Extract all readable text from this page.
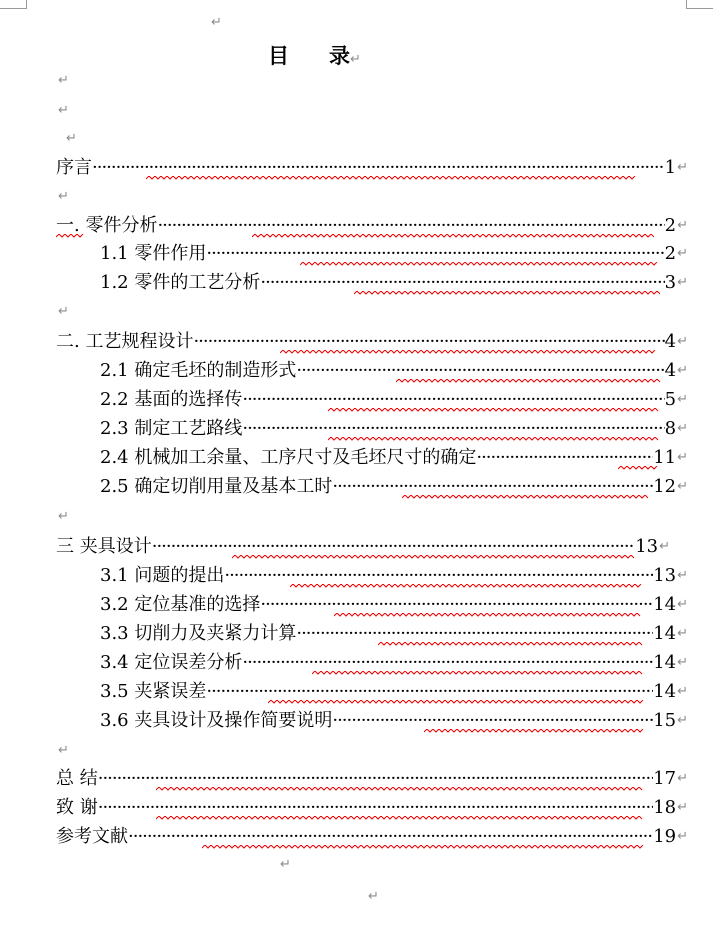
↵
目 录↵
↵
↵
↵
序言 ·····	1 ↵
↵
一. 零件分析 ·····	2 ↵
1.1 零件作用 ·····	2 ↵
1.2 零件的工艺分析 ·····	3 ↵
↵
二. 工艺规程设计 ·····	4 ↵
2.1 确定毛坯的制造形式 ·····	4 ↵
2.2 基面的选择传 ·····	5 ↵
2.3 制定工艺路线 ·····	8 ↵
2.4 机械加工余量、工序尺寸及毛坯尺寸的确定 ·····	11 ↵
2.5 确定切削用量及基本工时 ·····	12 ↵
↵
三 夹具设计 ·····	13 ↵
3.1 问题的提出 ·····	13 ↵
3.2 定位基准的选择 ·····	14 ↵
3.3 切削力及夹紧力计算 ·····	14 ↵
3.4 定位误差分析 ·····	14 ↵
3.5 夹紧误差 ·····	14 ↵
3.6 夹具设计及操作简要说明 ·····	15 ↵
↵
总 结 ·····	17 ↵
致 谢 ·····	18 ↵
参考文献 ·····	19 ↵
↵
↵
